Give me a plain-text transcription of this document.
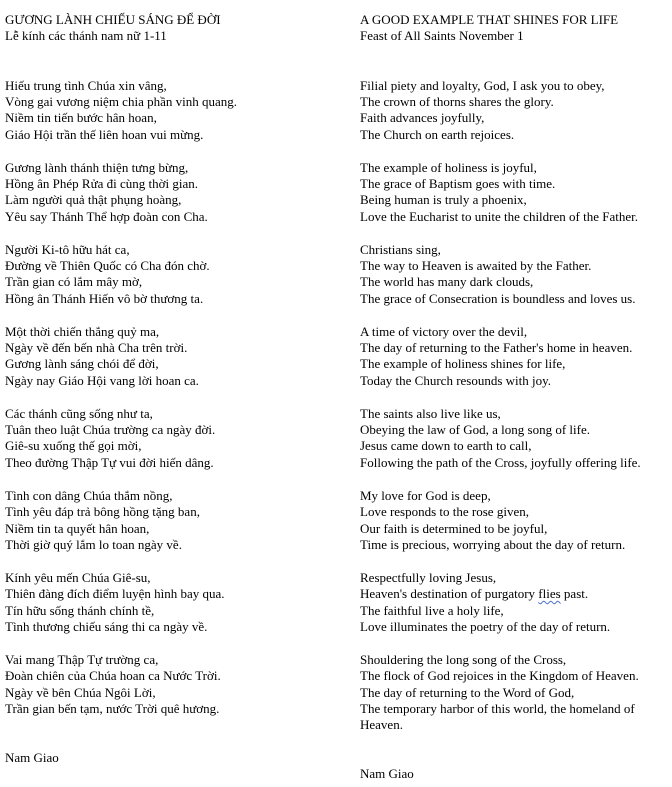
GƯƠNG LÀNH CHIẾU SÁNG ĐỂ ĐỜI
Lễ kính các thánh nam nữ 1-11
Hiếu trung tình Chúa xin vâng,
Vòng gai vương niệm chia phần vinh quang.
Niềm tin tiến bước hân hoan,
Giáo Hội trần thế liên hoan vui mừng.
Gương lành thánh thiện tưng bừng,
Hồng ân Phép Rửa đi cùng thời gian.
Làm người quả thật phụng hoàng,
Yêu say Thánh Thể hợp đoàn con Cha.
Người Ki-tô hữu hát ca,
Đường về Thiên Quốc có Cha đón chờ.
Trần gian có lắm mây mờ,
Hồng ân Thánh Hiến vô bờ thương ta.
Một thời chiến thắng quỷ ma,
Ngày về đến bến nhà Cha trên trời.
Gương lành sáng chói để đời,
Ngày nay Giáo Hội vang lời hoan ca.
Các thánh cũng sống như ta,
Tuân theo luật Chúa trường ca ngày đời.
Giê-su xuống thế gọi mời,
Theo đường Thập Tự vui đời hiến dâng.
Tình con dâng Chúa thắm nồng,
Tình yêu đáp trả bông hồng tặng ban,
Niềm tin ta quyết hân hoan,
Thời giờ quý lắm lo toan ngày về.
Kính yêu mến Chúa Giê-su,
Thiên đàng đích điểm luyện hình bay qua.
Tín hữu sống thánh chính tề,
Tình thương chiếu sáng thi ca ngày về.
Vai mang Thập Tự trường ca,
Đoàn chiên của Chúa hoan ca Nước Trời.
Ngày về bên Chúa Ngôi Lời,
Trần gian bến tạm, nước Trời quê hương.
Nam Giao
A GOOD EXAMPLE THAT SHINES FOR LIFE
Feast of All Saints November 1
Filial piety and loyalty, God, I ask you to obey,
The crown of thorns shares the glory.
Faith advances joyfully,
The Church on earth rejoices.
The example of holiness is joyful,
The grace of Baptism goes with time.
Being human is truly a phoenix,
Love the Eucharist to unite the children of the Father.
Christians sing,
The way to Heaven is awaited by the Father.
The world has many dark clouds,
The grace of Consecration is boundless and loves us.
A time of victory over the devil,
The day of returning to the Father's home in heaven.
The example of holiness shines for life,
Today the Church resounds with joy.
The saints also live like us,
Obeying the law of God, a long song of life.
Jesus came down to earth to call,
Following the path of the Cross, joyfully offering life.
My love for God is deep,
Love responds to the rose given,
Our faith is determined to be joyful,
Time is precious, worrying about the day of return.
Respectfully loving Jesus,
Heaven's destination of purgatory flies past.
The faithful live a holy life,
Love illuminates the poetry of the day of return.
Shouldering the long song of the Cross,
The flock of God rejoices in the Kingdom of Heaven.
The day of returning to the Word of God,
The temporary harbor of this world, the homeland of Heaven.
Nam Giao
